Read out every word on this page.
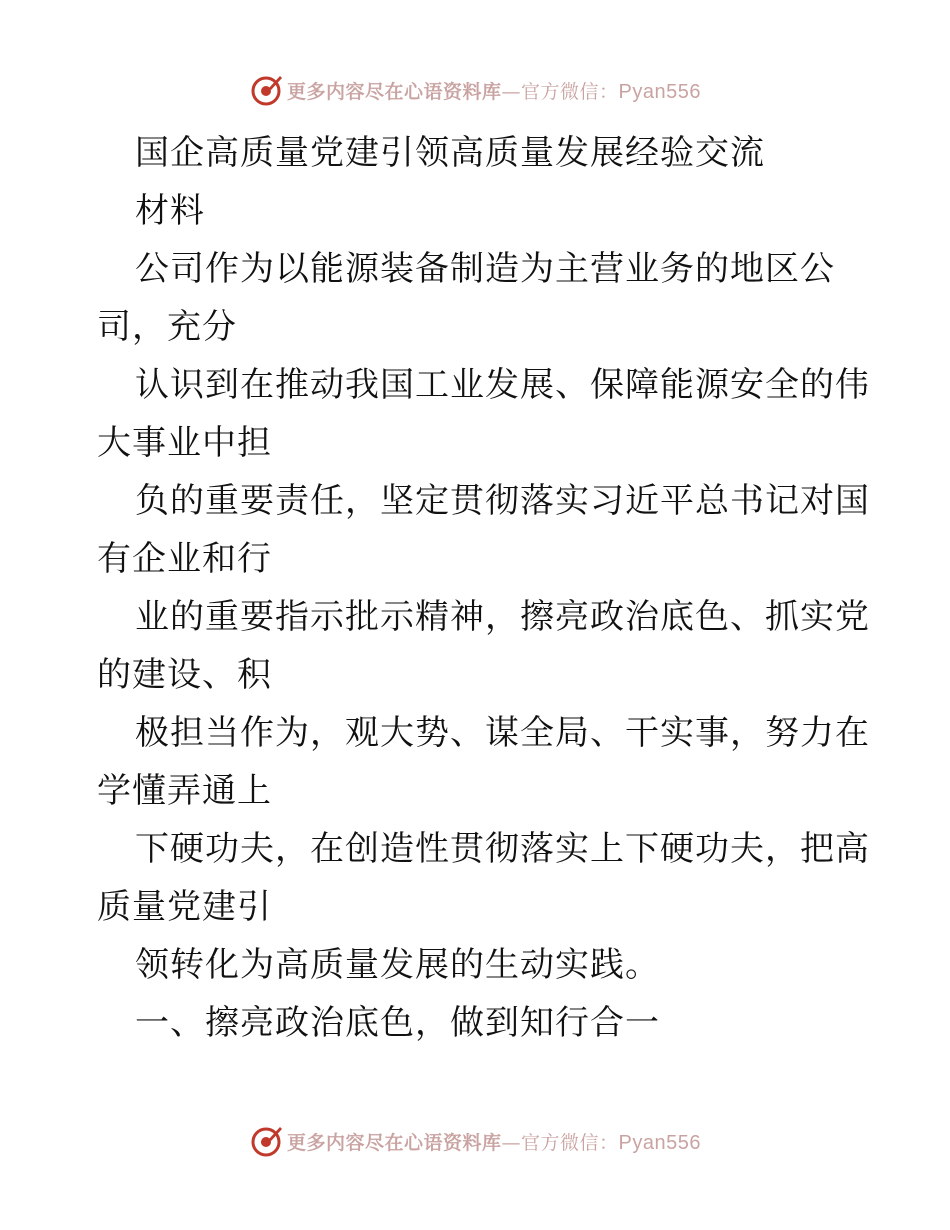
更多内容尽在心语资料库—官方微信：Pyan556
国企高质量党建引领高质量发展经验交流
材料
公司作为以能源装备制造为主营业务的地区公
司，充分
认识到在推动我国工业发展、保障能源安全的伟
大事业中担
负的重要责任，坚定贯彻落实习近平总书记对国
有企业和行
业的重要指示批示精神，擦亮政治底色、抓实党
的建设、积
极担当作为，观大势、谋全局、干实事，努力在
学懂弄通上
下硬功夫，在创造性贯彻落实上下硬功夫，把高
质量党建引
领转化为高质量发展的生动实践。
一、擦亮政治底色，做到知行合一
更多内容尽在心语资料库—官方微信：Pyan556
